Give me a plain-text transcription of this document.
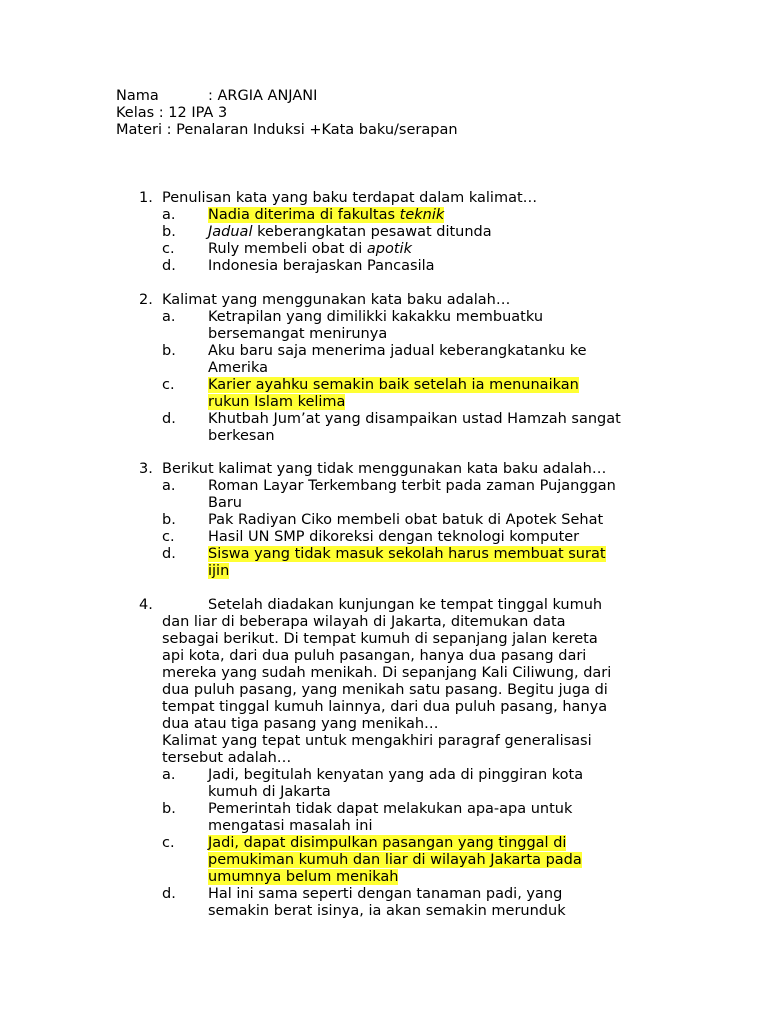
Nama	: ARGIA ANJANI
Kelas : 12 IPA 3
Materi : Penalaran Induksi +Kata baku/serapan
1. Penulisan kata yang baku terdapat dalam kalimat…
a. Nadia diterima di fakultas teknik
b. Jadual keberangkatan pesawat ditunda
c. Ruly membeli obat di apotik
d. Indonesia berajaskan Pancasila
2. Kalimat yang menggunakan kata baku adalah…
a. Ketrapilan yang dimilikki kakakku membuatku
bersemangat menirunya
b. Aku baru saja menerima jadual keberangkatanku ke
Amerika
c. Karier ayahku semakin baik setelah ia menunaikan
rukun Islam kelima
d. Khutbah Jum’at yang disampaikan ustad Hamzah sangat
berkesan
3. Berikut kalimat yang tidak menggunakan kata baku adalah…
a. Roman Layar Terkembang terbit pada zaman Pujanggan
Baru
b. Pak Radiyan Ciko membeli obat batuk di Apotek Sehat
c. Hasil UN SMP dikoreksi dengan teknologi komputer
d. Siswa yang tidak masuk sekolah harus membuat surat
ijin
4.	Setelah diadakan kunjungan ke tempat tinggal kumuh
dan liar di beberapa wilayah di Jakarta, ditemukan data
sebagai berikut. Di tempat kumuh di sepanjang jalan kereta
api kota, dari dua puluh pasangan, hanya dua pasang dari
mereka yang sudah menikah. Di sepanjang Kali Ciliwung, dari
dua puluh pasang, yang menikah satu pasang. Begitu juga di
tempat tinggal kumuh lainnya, dari dua puluh pasang, hanya
dua atau tiga pasang yang menikah…
Kalimat yang tepat untuk mengakhiri paragraf generalisasi
tersebut adalah…
a. Jadi, begitulah kenyatan yang ada di pinggiran kota
kumuh di Jakarta
b. Pemerintah tidak dapat melakukan apa-apa untuk
mengatasi masalah ini
c. Jadi, dapat disimpulkan pasangan yang tinggal di
pemukiman kumuh dan liar di wilayah Jakarta pada
umumnya belum menikah
d. Hal ini sama seperti dengan tanaman padi, yang
semakin berat isinya, ia akan semakin merunduk
